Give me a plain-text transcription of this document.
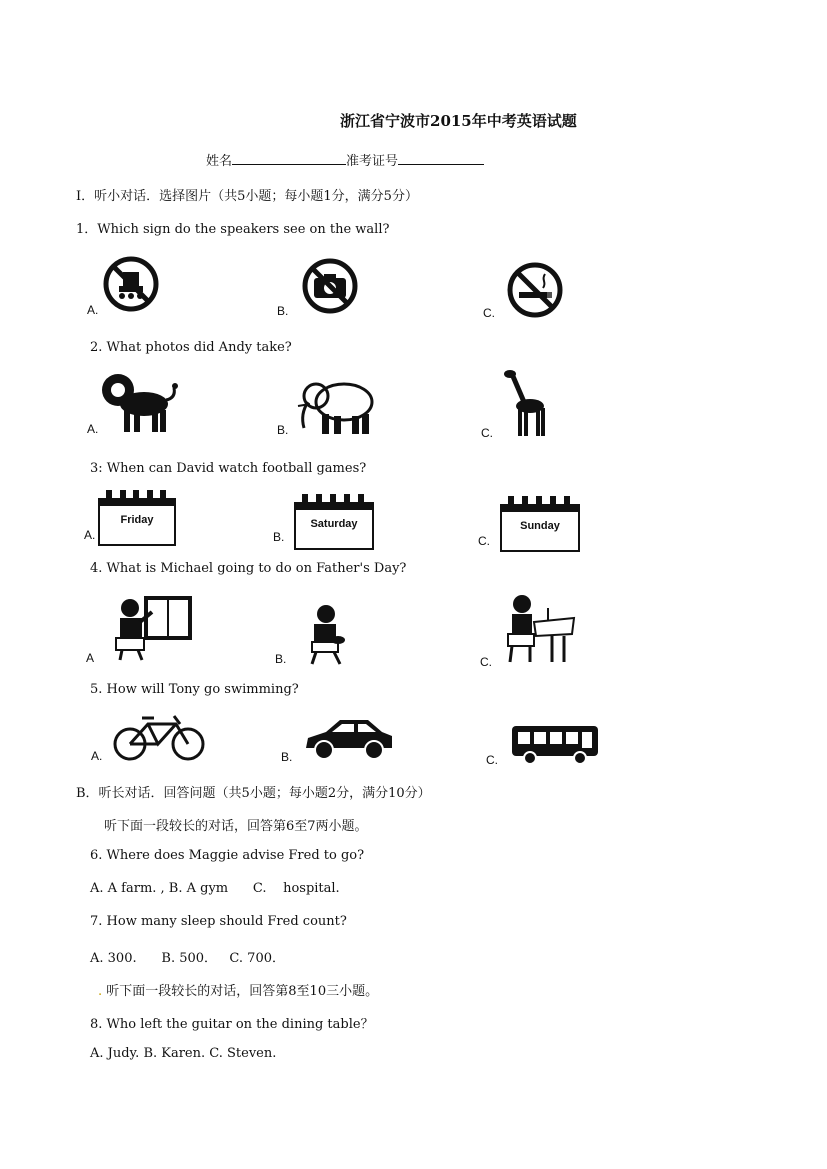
浙江省宁波市2015年中考英语试题
姓名	准考证号
I．听小对话．选择图片（共5小题；每小题1分，满分5分）
1．Which sign do the speakers see on the wall?
A.	B.	C.
2. What photos did Andy take?
A.	B.	C.
3: When can David watch football games?
A.	B.	C.
Friday	Saturday	Sunday
4. What is Michael going to do on Father's Day?
A	B.	C.
5. How will Tony go swimming?
A.	B.	C.
B．听长对话．回答问题（共5小题；每小题2分，满分10分）
听下面一段较长的对话，回答第6至7两小题。
6. Where does Maggie advise Fred to go?
A. A farm. , B. A gym      C.    hospital.
7. How many sleep should Fred count?
A. 300.      B. 500．   C. 700．
. 听下面一段较长的对话，回答第8至10三小题。
8. Who left the guitar on the dining table？
A. Judy. B. Karen. C. Steven.
